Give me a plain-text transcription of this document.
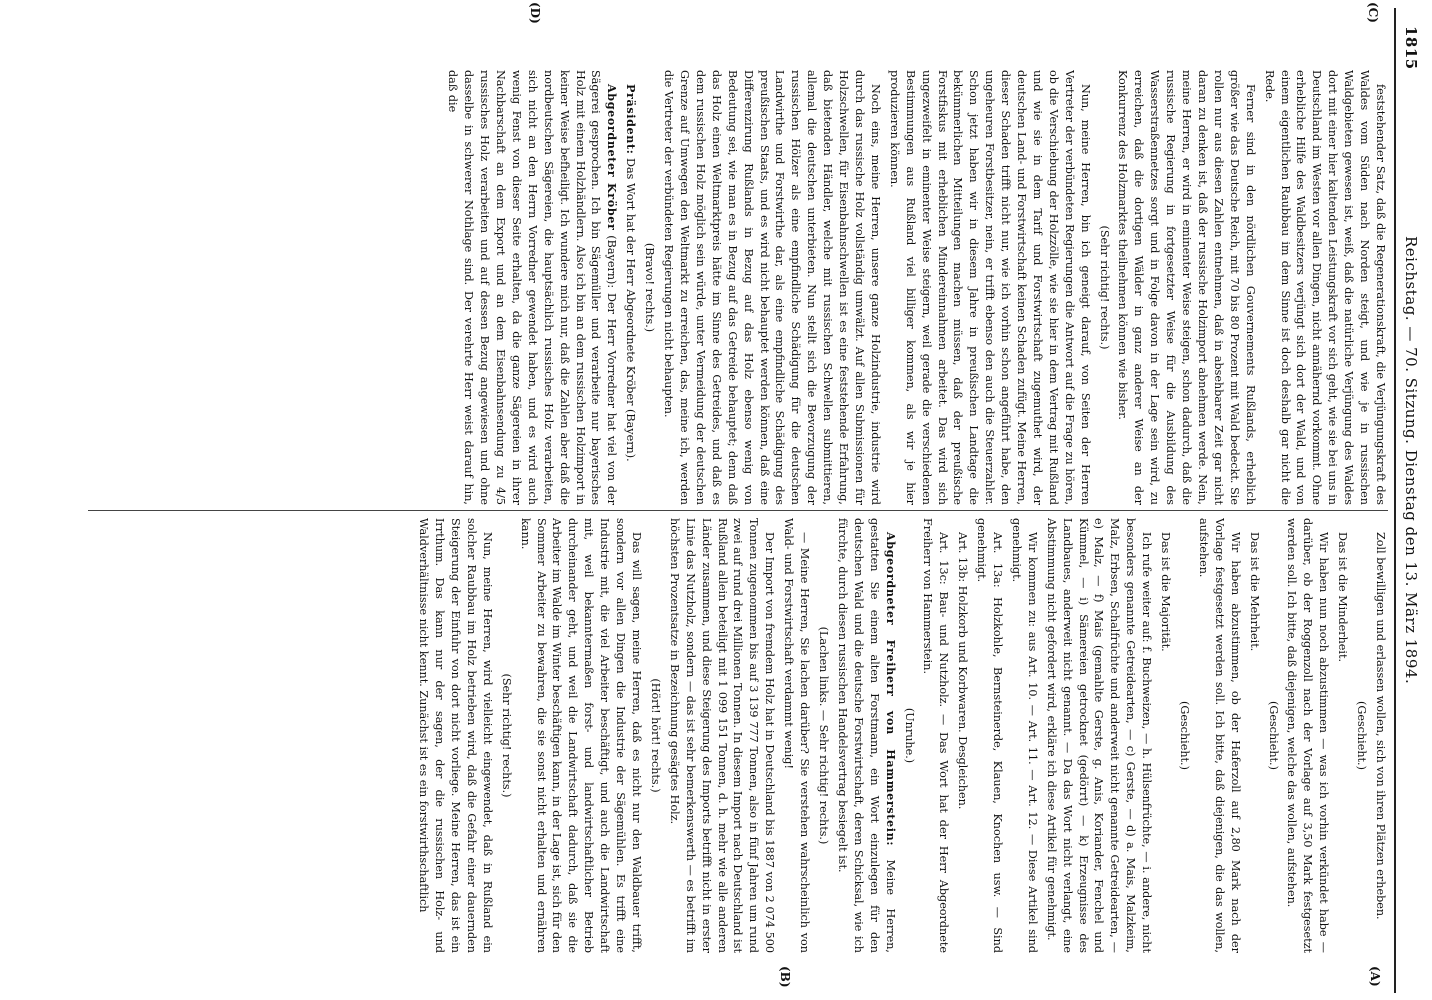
1815
Reichstag. — 70. Sitzung. Dienstag den 13. März 1894.
(C)
(D)
(A)
(B)

feststehender Satz, daß die Regenerationskraft, die Verjüngungskraft des Waldes vom Süden nach Norden steigt, und wie je in russischen Waldgebieten gewesen ist, weiß, daß die natürliche Verjüngung des Waldes dort mit einer hier kaltenden Leistungskraft vor sich geht, wie sie bei uns in Deutschland im Westen vor allen Dingen, nicht annähernd vorkommt. Ohne erhebliche Hilfe des Waldbesitzers verjüngt sich dort der Wald, und von einem eigentlichen Raubbau im dem Sinne ist doch deshalb gar nicht die Rede.

Ferner sind in den nördlichen Gouvernements Rußlands, erheblich größer wie das Deutsche Reich, mit 70 bis 80 Prozent mit Wald bedeckt. Sie rollen nur aus diesen Zahlen entnehmen, daß in absehbarer Zeit gar nicht daran zu denken ist, daß der russische Holzimport abnehmen werde. Nein, meine Herren, er wird in eminenter Weise steigen, schon dadurch, daß die russische Regierung in fortgesetzter Weise für die Ausbildung des Wasserstraßennetzes sorgt und in Folge davon in der Lage sein wird, zu erreichen, daß die dortigen Wälder in ganz anderer Weise an der Konkurrenz des Holzmarktes theilnehmen können wie bisher.

(Sehr richtig! rechts.)

Nun, meine Herren, bin ich geneigt darauf, von Seiten der Herren Vertreter der verbündeten Regierungen die Antwort auf die Frage zu hören, ob die Verschiebung der Holzzölle, wie sie hier in dem Vertrag mit Rußland und wie sie in dem Tarif und Forstwirtschaft zugemuthet wird, der deutschen Land- und Forstwirtschaft keinen Schaden zufügt. Meine Herren, dieser Schaden trifft nicht nur, wie ich vorhin schon angeführt habe, den ungeheuren Forstbesitzer, nein, er trifft ebenso den auch die Steuerzahler. Schon jetzt haben wir in diesem Jahre in preußischen Landtage die bekümmerlichen Mitteilungen machen müssen, daß der preußische Forstfiskus mit erheblichen Mindereinnahmen arbeitet. Das wird sich ungezweifelt in eminenter Weise steigern, weil gerade die verschiedenen Bestimmungen aus Rußland viel billiger kommen, als wir je hier produzieren können.

Noch eins, meine Herren, unsere ganze Holzindustrie, industrie wird durch das russische Holz vollständig umwälzt. Auf allen Submissionen für Holzschwellen, für Eisenbahnschwellen ist es eine feststehende Erfahrung, daß bietenden Händler, welche mit russischen Schwellen submittieren, allemal die deutschen unterbieten. Nun stellt sich die Bevorzugung der russischen Hölzer als eine empfindliche Schädigung für die deutschen Landwirthe und Forstwirthe dar, als eine empfindliche Schädigung des preußischen Staats, und es wird nicht behauptet werden können, daß eine Differenzirung Rußlands in Bezug auf das Holz ebenso wenig von Bedeutung sei, wie man es in Bezug auf das Getreide behauptet; denn daß das Holz einen Weltmarktpreis hätte im Sinne des Getreides, und daß es dem russischen Holz möglich sein würde, unter Vermeidung der deutschen Grenze auf Umwegen den Weltmarkt zu erreichen, das, meine ich, werden die Vertreter der verbündeten Regierungen nicht behaupten.

(Bravo! rechts.)

Präsident: Das Wort hat der Herr Abgeordnete Kröber (Bayern).

Abgeordneter Kröber (Bayern): Der Herr Vorredner hat viel von der Sägerei gesprochen. Ich bin Sägemüller und verarbeite nur bayerisches Holz mit einem Holzhändlern. Also ich bin an dem russischen Holzimport in keiner Weise befheiligt. Ich wundere mich nur, daß die Zahlen aber daß die nordbeutschen Sägereien, die hauptsächlich russisches Holz verarbeiten, sich nicht an den Herrn Vorredner gewendet haben, und es wird auch wenig Fenst von dieser Seite erhalten, da die ganze Sägereien in ihrer Nachbarschaft an dem Export und an dem Eisenbahnsendung zu 4/5 russisches Holz verarbeiten und auf dessen Bezug angewiesen und ohne dasselbe in schwerer Nothlage sind. Der verehrte Herr weist darauf hin, daß die

Zoll bewilligen und erlassen wollen, sich von ihren Plätzen erheben.

(Geschieht.)

Das ist die Minderheit.

Wir haben nun noch abzustimmen — was ich vorhin verkündet habe — darüber, ob der Roggenzoll nach der Vorlage auf 3,50 Mark festgesetzt werden soll. Ich bitte, daß diejenigen, welche das wollen, aufstehen.

(Geschieht.)

Das ist die Mehrheit.

Wir haben abzustimmen, ob der Haferzoll auf 2,80 Mark nach der Vorlage festgesetzt werden soll. Ich bitte, daß diejenigen, die das wollen, aufstehen.

(Geschieht.)

Das ist die Majorität.

Ich rufe weiter auf: f. Buchweizen, — h. Hülsenfrüchte, — i. andere, nicht besonders genannte Getreidearten, — c) Gerste, — d) a. Mais, Malzkeim, Malz, Erbsen, Schalfrüchte und anderweit nicht genannte Getreidearten, — e) Malz, — f) Mais (gemahlte Gerste, g. Anis, Koriander, Fenchel und Kümmel, — i) Sämereien getrocknet (gedörrt) — k) Erzeugnisse des Landbaues, anderweit nicht genannt. — Da das Wort nicht verlangt, eine Abstimmung nicht gefordert wird, erkläre ich diese Artikel für genehmigt.

Wir kommen zu: aus Art. 10. — Art. 11. — Art. 12. — Diese Artikel sind genehmigt.

Art. 13a: Holzkohle, Bernsteinerde, Klauen, Knochen usw. — Sind genehmigt.

Art. 13b: Holzkorb und Korbwaren. Desgleichen.

Art. 13c: Bau- und Nutzholz. — Das Wort hat der Herr Abgeordnete Freiherr von Hammerstein.

(Unruhe.)

Abgeordneter Freiherr von Hammerstein: Meine Herren, gestatten Sie einem alten Forstmann, ein Wort einzulegen für den deutschen Wald und die deutsche Forstwirtschaft, deren Schicksal, wie ich fürchte, durch diesen russischen Handelsvertrag besiegelt ist.

(Lachen links. — Sehr richtig! rechts.)

— Meine Herren, Sie lachen darüber? Sie verstehen wahrscheinlich von Wald- und Forstwirtschaft verdammt wenig!

Der Import von fremdem Holz hat in Deutschland bis 1887 von 2 074 500 Tonnen zugenommen bis auf 3 139 777 Tonnen, also in fünf Jahren um rund zwei auf rund drei Millionen Tonnen. In diesem Import nach Deutschland ist Rußland allein beteiligt mit 1 099 151 Tonnen, d. h. mehr wie alle anderen Länder zusammen, und diese Steigerung des Imports betrifft nicht in erster Linie das Nutzholz, sondern — das ist sehr bemerkenswerth — es betrifft im höchsten Prozentsatze in Bezeichnung gesägtes Holz.

(Hört! hört! rechts.)

Das will sagen, meine Herren, daß es nicht nur den Waldbauer trifft, sondern vor allen Dingen die Industrie der Sägemühlen. Es trifft eine Industrie mit, die viel Arbeiter beschäftigt, und auch die Landwirtschaft mit, weil bekanntermaßen forst- und landwirtschaftlicher Betrieb durcheinander geht, und weil die Landwirtschaft dadurch, daß sie die Arbeiter im Walde im Winter beschäftigen kann, in der Lage ist, sich für den Sommer Arbeiter zu bewahren, die sie sonst nicht erhalten und ernähren kann.

(Sehr richtig! rechts.)

Nun, meine Herren, wird vielleicht eingewendet, daß in Rußland ein solcher Raubbau im Holz betrieben wird, daß die Gefahr einer dauernden Steigerung der Einfuhr von dort nicht vorliege. Meine Herren, das ist ein Irrthum. Das kann nur der sagen, der die russischen Holz- und Waldverhältnisse nicht kennt. Zunächst ist es ein forstwirthschaftlich
